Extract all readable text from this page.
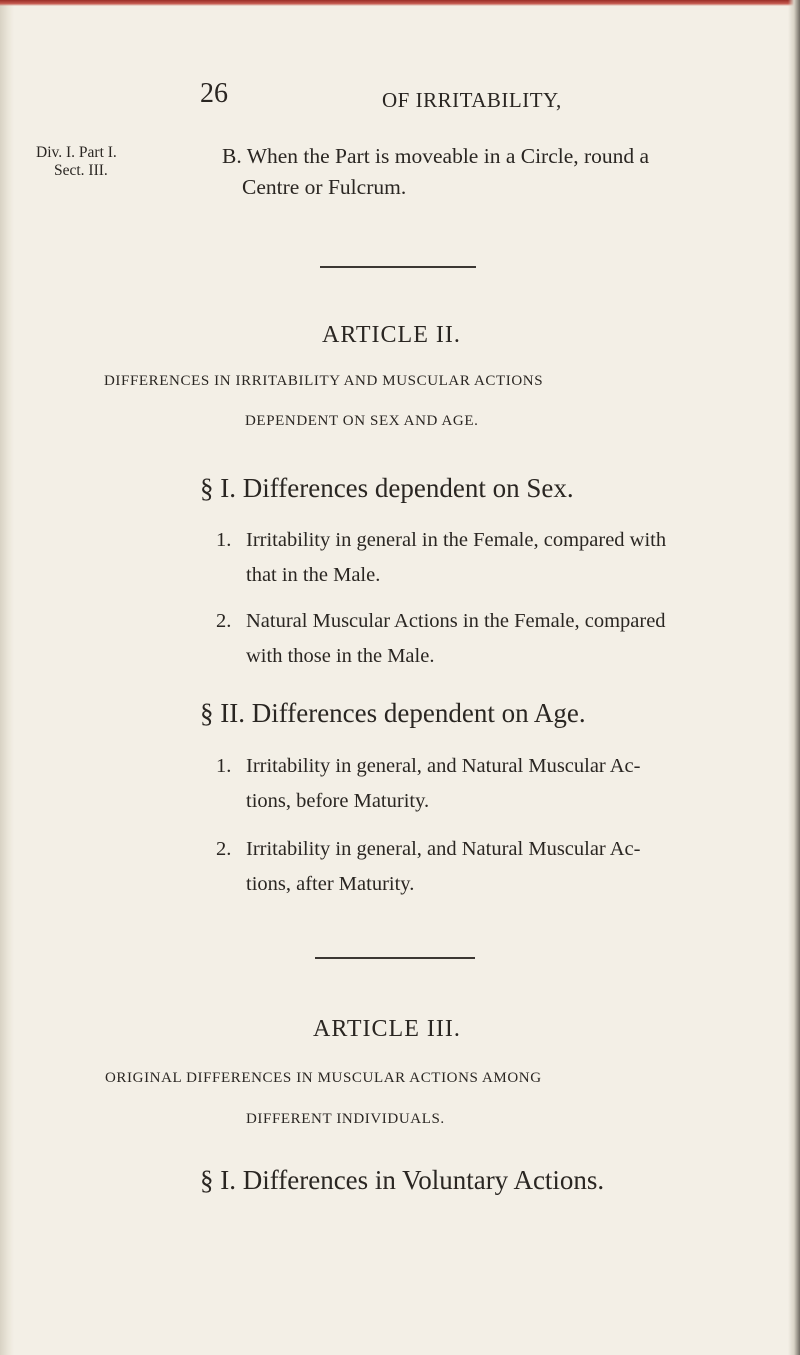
26	OF IRRITABILITY,
Div. I. Part I.
Sect. III.
B. When the Part is moveable in a Circle, round a
Centre or Fulcrum.
ARTICLE II.
DIFFERENCES IN IRRITABILITY AND MUSCULAR ACTIONS
DEPENDENT ON SEX AND AGE.
§ I. Differences dependent on Sex.
1. Irritability in general in the Female, compared with
that in the Male.
2. Natural Muscular Actions in the Female, compared
with those in the Male.
§ II. Differences dependent on Age.
1. Irritability in general, and Natural Muscular Ac-
tions, before Maturity.
2. Irritability in general, and Natural Muscular Ac-
tions, after Maturity.
ARTICLE III.
ORIGINAL DIFFERENCES IN MUSCULAR ACTIONS AMONG
DIFFERENT INDIVIDUALS.
§ I. Differences in Voluntary Actions.
